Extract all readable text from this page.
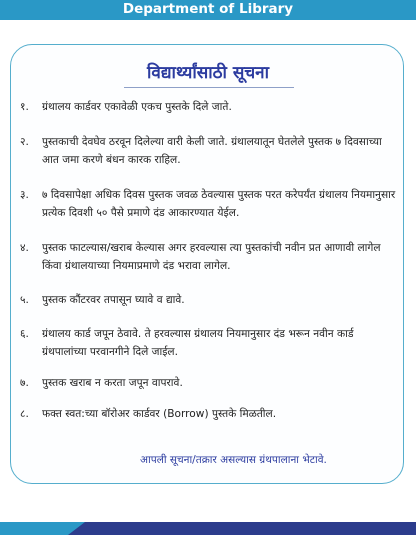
Department of Library
विद्यार्थ्यांसाठी सूचना
१.	ग्रंथालय कार्डवर एकावेळी एकच पुस्तके दिले जाते.
२.	पुस्तकाची देवघेव ठरवून दिलेल्या वारी केली जाते. ग्रंथालयातून घेतलेले पुस्तक ७ दिवसाच्या आत जमा करणे बंधन कारक राहिल.
३.	७ दिवसापेक्षा अधिक दिवस पुस्तक जवळ ठेवल्यास पुस्तक परत करेपर्यंत ग्रंथालय नियमानुसार प्रत्येक दिवशी ५० पैसे प्रमाणे दंड आकारण्यात येईल.
४.	पुस्तक फाटल्यास/खराब केल्यास अगर हरवल्यास त्या पुस्तकांची नवीन प्रत आणावी लागेल किंवा ग्रंथालयाच्या नियमाप्रमाणे दंड भरावा लागेल.
५.	पुस्तक कौंटरवर तपासून घ्यावे व द्यावे.
६.	ग्रंथालय कार्ड जपून ठेवावे. ते हरवल्यास ग्रंथालय नियमानुसार दंड भरून नवीन कार्ड ग्रंथपालांच्या परवानगीने दिले जाईल.
७.	पुस्तक खराब न करता जपून वापरावे.
८.	फक्त स्वत:च्या बॉरोअर कार्डवर (Borrow) पुस्तके मिळतील.
आपली सूचना/तक्रार असल्यास ग्रंथपालाना भेटावे.
